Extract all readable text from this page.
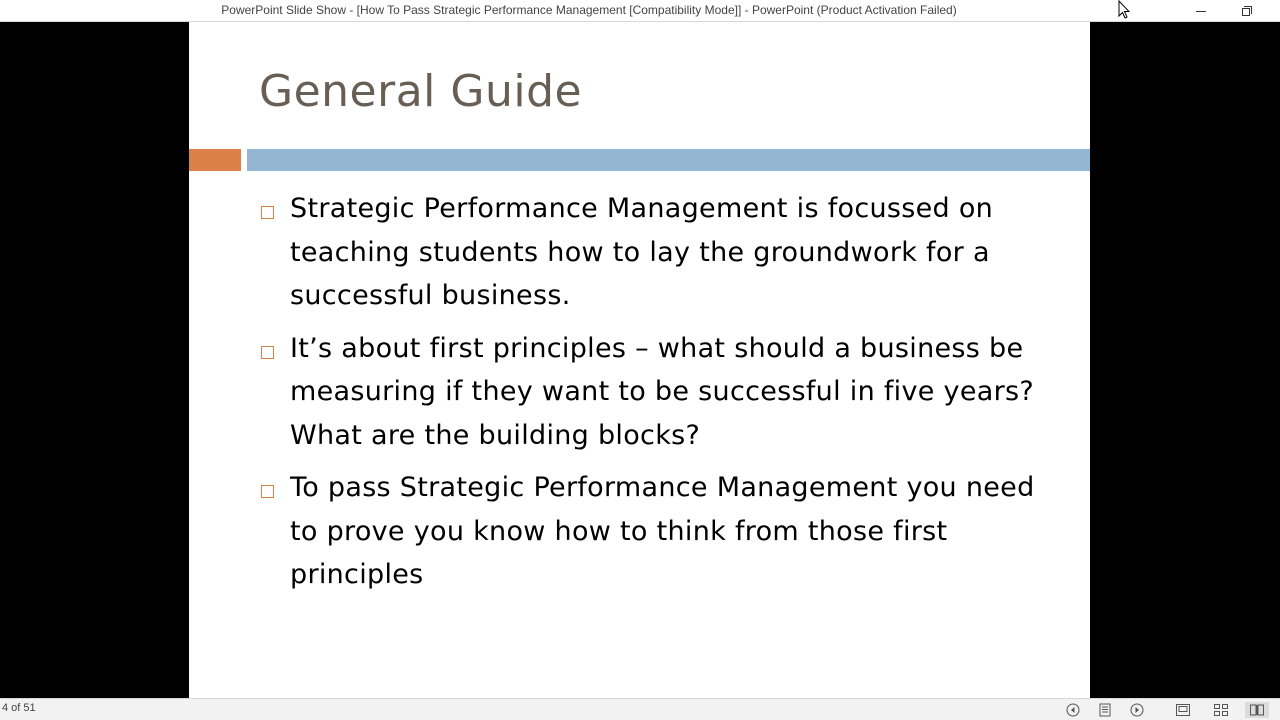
PowerPoint Slide Show - [How To Pass Strategic Performance Management [Compatibility Mode]] - PowerPoint (Product Activation Failed)
General Guide
Strategic Performance Management is focussed on teaching students how to lay the groundwork for a successful business.
It’s about first principles – what should a business be measuring if they want to be successful in five years? What are the building blocks?
To pass Strategic Performance Management you need to prove you know how to think from those first principles
4 of 51
